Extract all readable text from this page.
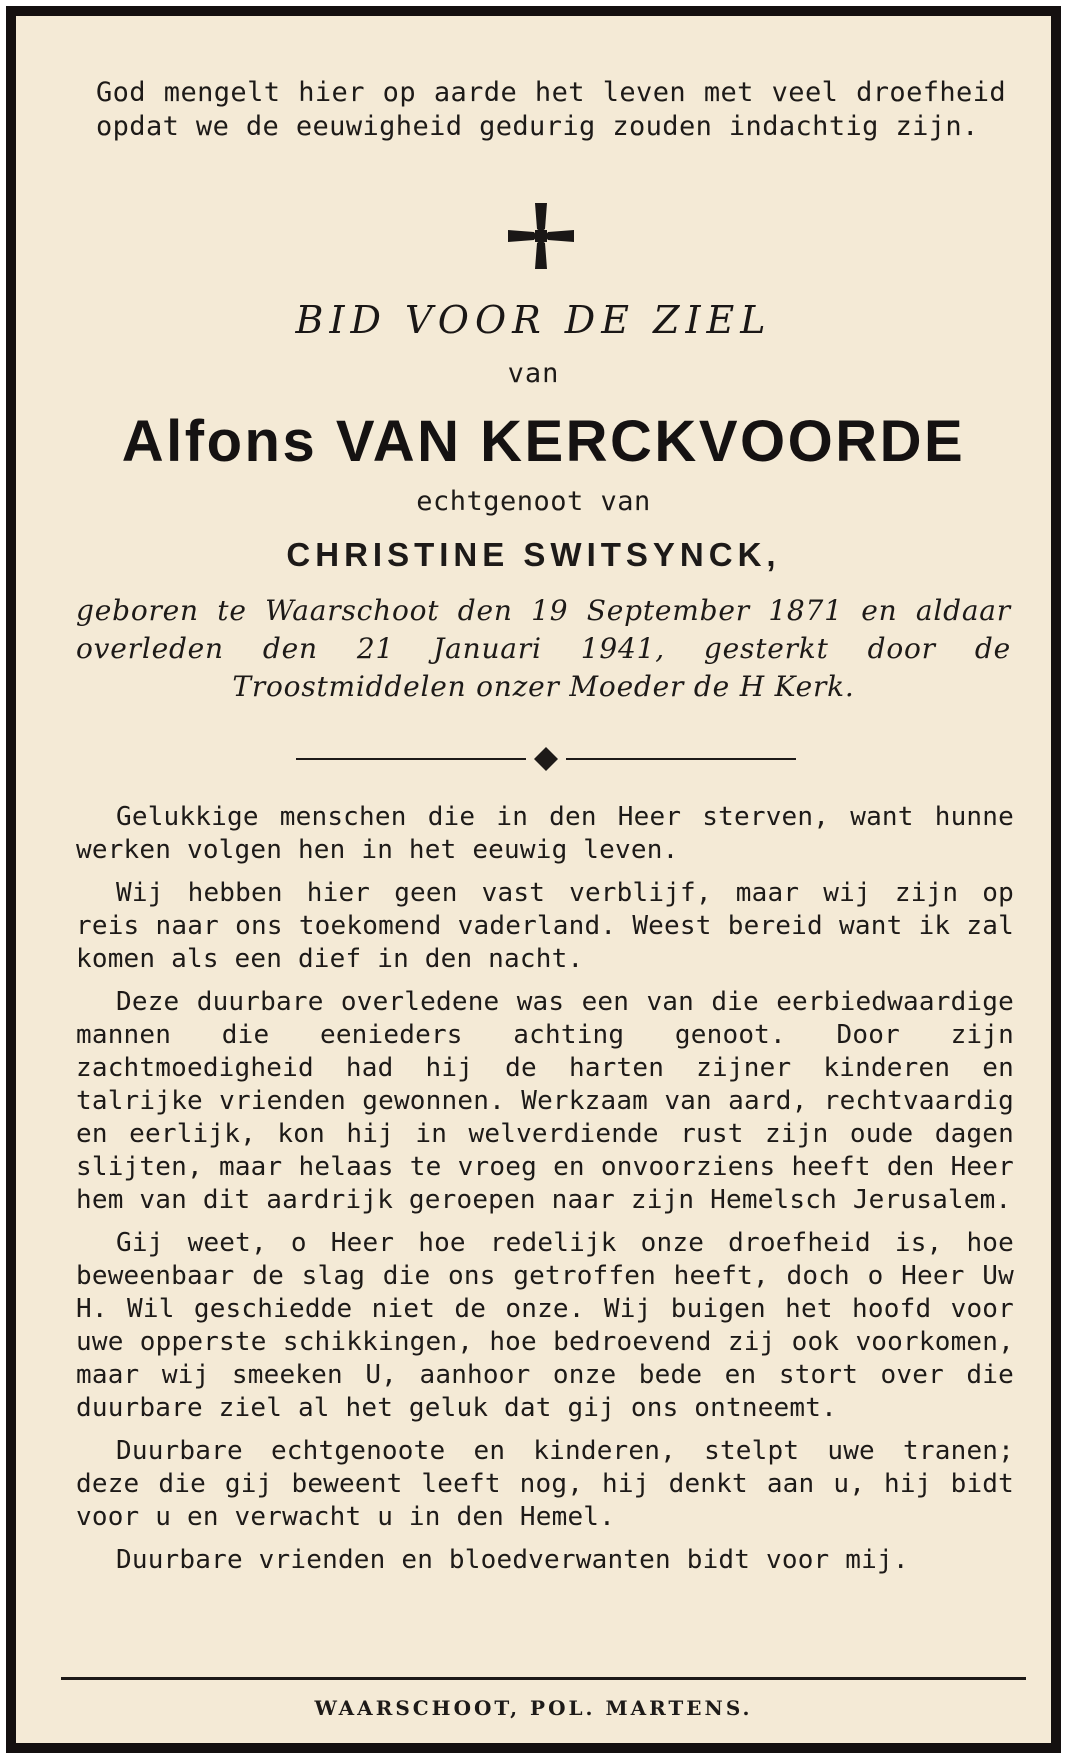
God mengelt hier op aarde het leven met veel droefheid opdat we de eeuwigheid gedurig zouden indachtig zijn.
BID VOOR DE ZIEL
van
Alfons VAN KERCKVOORDE
echtgenoot van
CHRISTINE SWITSYNCK,
geboren te Waarschoot den 19 September 1871 en aldaar overleden den 21 Januari 1941, gesterkt door de Troostmiddelen onzer Moeder de H Kerk.

Gelukkige menschen die in den Heer sterven, want hunne werken volgen hen in het eeuwig leven.

Wij hebben hier geen vast verblijf, maar wij zijn op reis naar ons toekomend vaderland. Weest bereid want ik zal komen als een dief in den nacht.

Deze duurbare overledene was een van die eerbiedwaardige mannen die eenieders achting genoot. Door zijn zachtmoedigheid had hij de harten zijner kinderen en talrijke vrienden gewonnen. Werkzaam van aard, rechtvaardig en eerlijk, kon hij in welverdiende rust zijn oude dagen slijten, maar helaas te vroeg en onvoorziens heeft den Heer hem van dit aardrijk geroepen naar zijn Hemelsch Jerusalem.

Gij weet, o Heer hoe redelijk onze droefheid is, hoe beweenbaar de slag die ons getroffen heeft, doch o Heer Uw H. Wil geschiedde niet de onze. Wij buigen het hoofd voor uwe opperste schikkingen, hoe bedroevend zij ook voorkomen, maar wij smeeken U, aanhoor onze bede en stort over die duurbare ziel al het geluk dat gij ons ontneemt.

Duurbare echtgenoote en kinderen, stelpt uwe tranen; deze die gij beweent leeft nog, hij denkt aan u, hij bidt voor u en verwacht u in den Hemel.

Duurbare vrienden en bloedverwanten bidt voor mij.

WAARSCHOOT, POL. MARTENS.
